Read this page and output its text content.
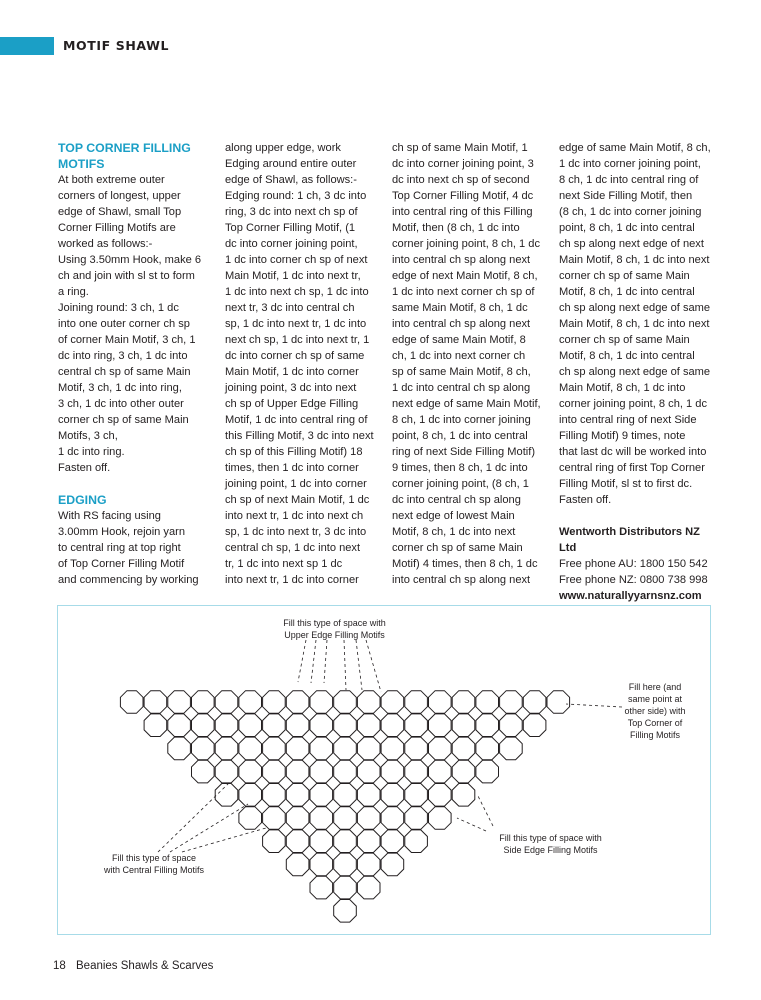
MOTIF SHAWL

TOP CORNER FILLING
MOTIFS

At both extreme outer
corners of longest, upper
edge of Shawl, small Top
Corner Filling Motifs are
worked as follows:-
Using 3.50mm Hook, make 6
ch and join with sl st to form
a ring.
Joining round: 3 ch, 1 dc
into one outer corner ch sp
of corner Main Motif, 3 ch, 1
dc into ring, 3 ch, 1 dc into
central ch sp of same Main
Motif, 3 ch, 1 dc into ring,
3 ch, 1 dc into other outer
corner ch sp of same Main
Motifs, 3 ch,
1 dc into ring.
Fasten off.

EDGING

With RS facing using
3.00mm Hook, rejoin yarn
to central ring at top right
of Top Corner Filling Motif
and commencing by working

along upper edge, work
Edging around entire outer
edge of Shawl, as follows:-
Edging round: 1 ch, 3 dc into
ring, 3 dc into next ch sp of
Top Corner Filling Motif, (1
dc into corner joining point,
1 dc into corner ch sp of next
Main Motif, 1 dc into next tr,
1 dc into next ch sp, 1 dc into
next tr, 3 dc into central ch
sp, 1 dc into next tr, 1 dc into
next ch sp, 1 dc into next tr, 1
dc into corner ch sp of same
Main Motif, 1 dc into corner
joining point, 3 dc into next
ch sp of Upper Edge Filling
Motif, 1 dc into central ring of
this Filling Motif, 3 dc into next
ch sp of this Filling Motif) 18
times, then 1 dc into corner
joining point, 1 dc into corner
ch sp of next Main Motif, 1 dc
into next tr, 1 dc into next ch
sp, 1 dc into next tr, 3 dc into
central ch sp, 1 dc into next
tr, 1 dc into next sp 1 dc
into next tr, 1 dc into corner

ch sp of same Main Motif, 1
dc into corner joining point, 3
dc into next ch sp of second
Top Corner Filling Motif, 4 dc
into central ring of this Filling
Motif, then (8 ch, 1 dc into
corner joining point, 8 ch, 1 dc
into central ch sp along next
edge of next Main Motif, 8 ch,
1 dc into next corner ch sp of
same Main Motif, 8 ch, 1 dc
into central ch sp along next
edge of same Main Motif, 8
ch, 1 dc into next corner ch
sp of same Main Motif, 8 ch,
1 dc into central ch sp along
next edge of same Main Motif,
8 ch, 1 dc into corner joining
point, 8 ch, 1 dc into central
ring of next Side Filling Motif)
9 times, then 8 ch, 1 dc into
corner joining point, (8 ch, 1
dc into central ch sp along
next edge of lowest Main
Motif, 8 ch, 1 dc into next
corner ch sp of same Main
Motif) 4 times, then 8 ch, 1 dc
into central ch sp along next

edge of same Main Motif, 8 ch,
1 dc into corner joining point,
8 ch, 1 dc into central ring of
next Side Filling Motif, then
(8 ch, 1 dc into corner joining
point, 8 ch, 1 dc into central
ch sp along next edge of next
Main Motif, 8 ch, 1 dc into next
corner ch sp of same Main
Motif, 8 ch, 1 dc into central
ch sp along next edge of same
Main Motif, 8 ch, 1 dc into next
corner ch sp of same Main
Motif, 8 ch, 1 dc into central
ch sp along next edge of same
Main Motif, 8 ch, 1 dc into
corner joining point, 8 ch, 1 dc
into central ring of next Side
Filling Motif) 9 times, note
that last dc will be worked into
central ring of first Top Corner
Filling Motif, sl st to first dc.
Fasten off.

Wentworth Distributors NZ Ltd

Free phone AU: 1800 150 542

Free phone NZ: 0800 738 998

www.naturallyyarnsnz.com

Fill this type of space with
Upper Edge Filling Motifs
Fill here (and
same point at
other side) with
Top Corner of
Filling Motifs
Fill this type of space with
Side Edge Filling Motifs
Fill this type of space
with Central Filling Motifs
18 Beanies Shawls & Scarves
